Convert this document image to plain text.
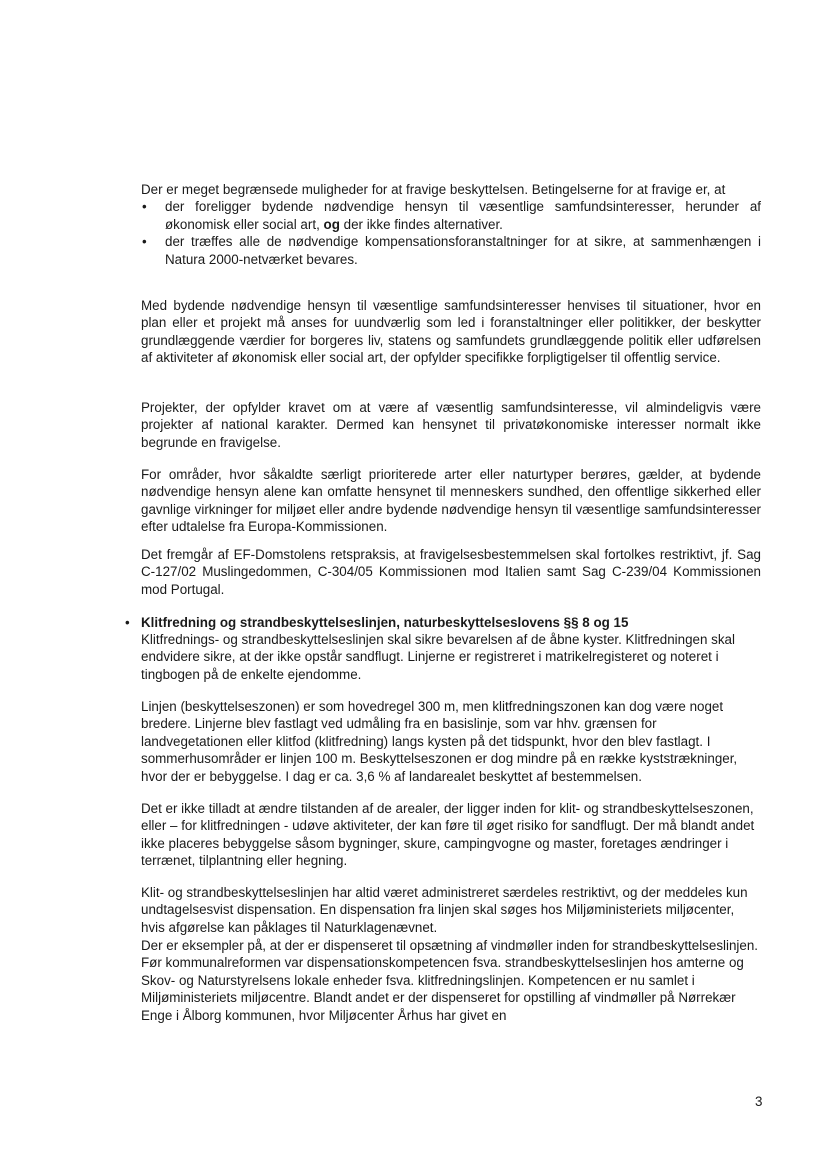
Der er meget begrænsede muligheder for at fravige beskyttelsen. Betingelserne for at fravige er, at

• der foreligger bydende nødvendige hensyn til væsentlige samfundsinteresser, herunder af økonomisk eller social art, og der ikke findes alternativer.
• der træffes alle de nødvendige kompensationsforanstaltninger for at sikre, at sammenhængen i Natura 2000-netværket bevares.

Med bydende nødvendige hensyn til væsentlige samfundsinteresser henvises til situationer, hvor en plan eller et projekt må anses for uundværlig som led i foranstaltninger eller politikker, der beskytter grundlæggende værdier for borgeres liv, statens og samfundets grundlæggende politik eller udførelsen af aktiviteter af økonomisk eller social art, der opfylder specifikke forpligtigelser til offentlig service.

Projekter, der opfylder kravet om at være af væsentlig samfundsinteresse, vil almindeligvis være projekter af national karakter. Dermed kan hensynet til privatøkonomiske interesser normalt ikke begrunde en fravigelse.

For områder, hvor såkaldte særligt prioriterede arter eller naturtyper berøres, gælder, at bydende nødvendige hensyn alene kan omfatte hensynet til menneskers sundhed, den offentlige sikkerhed eller gavnlige virkninger for miljøet eller andre bydende nødvendige hensyn til væsentlige samfundsinteresser efter udtalelse fra Europa-Kommissionen.

Det fremgår af EF-Domstolens retspraksis, at fravigelsesbestemmelsen skal fortolkes restriktivt, jf. Sag C-127/02 Muslingedommen, C-304/05 Kommissionen mod Italien samt Sag C-239/04 Kommissionen mod Portugal.

• Klitfredning og strandbeskyttelseslinjen, naturbeskyttelseslovens §§ 8 og 15

Klitfrednings- og strandbeskyttelseslinjen skal sikre bevarelsen af de åbne kyster. Klitfredningen skal endvidere sikre, at der ikke opstår sandflugt. Linjerne er registreret i matrikelregisteret og noteret i tingbogen på de enkelte ejendomme.

Linjen (beskyttelseszonen) er som hovedregel 300 m, men klitfredningszonen kan dog være noget bredere. Linjerne blev fastlagt ved udmåling fra en basislinje, som var hhv. grænsen for landvegetationen eller klitfod (klitfredning) langs kysten på det tidspunkt, hvor den blev fastlagt. I sommerhusområder er linjen 100 m. Beskyttelseszonen er dog mindre på en række kyststrækninger, hvor der er bebyggelse. I dag er ca. 3,6 % af landarealet beskyttet af bestemmelsen.

Det er ikke tilladt at ændre tilstanden af de arealer, der ligger inden for klit- og strandbeskyttelseszonen, eller – for klitfredningen - udøve aktiviteter, der kan føre til øget risiko for sandflugt. Der må blandt andet ikke placeres bebyggelse såsom bygninger, skure, campingvogne og master, foretages ændringer i terrænet, tilplantning eller hegning.

Klit- og strandbeskyttelseslinjen har altid været administreret særdeles restriktivt, og der meddeles kun undtagelsesvist dispensation. En dispensation fra linjen skal søges hos Miljøministeriets miljøcenter, hvis afgørelse kan påklages til Naturklagenævnet.

Der er eksempler på, at der er dispenseret til opsætning af vindmøller inden for strandbeskyttelseslinjen. Før kommunalreformen var dispensationskompetencen fsva. strandbeskyttelseslinjen hos amterne og Skov- og Naturstyrelsens lokale enheder fsva. klitfredningslinjen. Kompetencen er nu samlet i Miljøministeriets miljøcentre. Blandt andet er der dispenseret for opstilling af vindmøller på Nørrekær Enge i Ålborg kommunen, hvor Miljøcenter Århus har givet en

3
